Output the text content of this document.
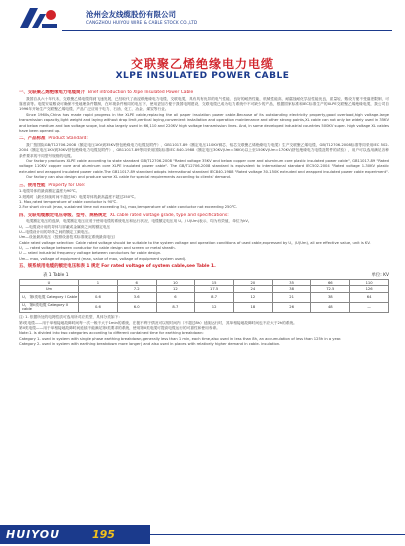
沧州会友线缆股份有限公司
CANGZHOU HUIYOU WIRE & CABLE STOCK CO.,LTD
交联聚乙烯绝缘电力电缆
XLPE INSULATED POWER CABLE
一、交联聚乙烯绝缘电力电缆简介 Brief introduction to Xlpe Insulated Power Cable

我国自从六十年代末，交联聚乙烯电缆得到飞速发展，已经取代了油浸纸绝缘电力电缆，交联电缆，具有具有优异的电气性能、良好的耐热性能，机械性能高、耐腐蚀耐化学品性能优良，质量轻，敷设方便不受落差限制，可靠度高等。电缆安装敷设可确保不受地理条件限制，在环境条件相同的电压下，使用更加方便于我国电网建设，交联电缆已成为电力系统中不可缺少的产品，根据国家标准和IEC标准生产的XLPE交联聚乙烯绝缘电缆，我公司自1996年开始生产交联聚乙烯电缆，产品广泛应用于电力、石油、化工、冶金、煤炭等行业。

Since 1960s,China has made rapid progress in the XLPE cable,replacing the oil paper insulation power cable.Because of its outstanding electricity property,good overload,high voltage-large transmission capacity,light weight and laying without drop limit,vertical laying,convenient installation and operation maintenance and other strong points,XL cable can not only be widely used in 35KV and below medium and low voltage scope, but also largely used in 66,110 and 220KV high voltage transmission lines. And, in some developed industrial countries 500KV super- high voltage XL cables have been opened up.

二、产品标准 Product Standard:

我厂按国际GB/T12706-2008《额定电压1KV到35KV挤包绝缘电力电缆及附件》、GB11017-89《额定电压110KV铜芯、铝芯交联聚乙烯绝缘电力电缆》生产交联聚乙烯电缆，GB/T12706-2008标准等同采用IEC 502-2004《额定电压1KV到30KV挤包绝缘电力电缆及附件》，GB11017-89等同采用国际标准IEC 840-1988《额定电压30KV(Um=36KV)以上至150KV(Um=170KV)挤包绝缘电力电缆及附件的试验》，用户可以选用满足各种条件要求的不同型号规格的电缆。

Our factory produces XLPE cable according to state standard GB/T12706-2008 "Rated voltage 35KV and below copper core and aluminum core plastic insulated power cable", GB11017-89 "Rated voltage 110KV copper core and aluminum core XLPE insulated power cable". The GB/T12706-2008 standard is equivalent to international standard IEC502-2004 "Rated voltage 1-30KV plastic extruded and wrapped insulated power cable.The GB11017-89 standard adopts international standard IEC840-1988 "Rated voltage 30-150K extruded and wrapped insulated power cable experiment".

Our factory can also design and produce some XL cable for special requirements according to clients' demand.

三、使用性能 Property for Use:

1.电缆导体的最高额定温度为90℃。

2.短路时（最长持续时间不超过5S）电缆导体的最高温度不超过250℃。

1. Max,rated temperature of cable conductor is 90℃.

2.For short circuit (max, sustained time not exceeding 5s), max,temperature of cable conductor not exceeding 250℃.

四、交联电缆额定电压等级、型号、规格规定 XL cable rated voltage grade, type and specifications:

电缆额定电压的选择，电缆额定电压应适于使用电缆的系统电压和运行状况，电缆额定电压用 U。/ U(Um)表示，均为有效值，单位为kV。

U。—电缆设计用的导体与屏蔽或金属套之间的额定电压

U—电缆设计用的导体之间的额定工频电压。

Um—设备最高电压（按照设备技术标准规定系统最高电压）

Cable rated voltage selection: Cable rated voltage should be suitable to the system voltage and operation conditions of used cable,expressed by U。/U(Um), all are effective value, unit is KV.

U。— rated voltage between conductor for cable design and screen or metal sheath.

U — rated industrial frequency voltage between conductors for cable design.

Um— max, voltage of equipment (max, value of max, voltage of equipment system used).

五、规系统用电缆的额定电压和表 1 规定 For rated voltage of system cable,see Table 1.
表 1 Table 1	单位: KV
U	1	6	10	15	20	35	66	110
Um		7.2	12	17.5	24	38	72.5	126
U。 第I类电缆 Category I Cable	0.6	3.6	6	8.7	12	21	38	64
U。 第II类电缆 Category II cable	0.6	6.0	8.7	12	18	26	48	—

注: 1. 依据所处的电网性质可选用所对应类型，具体分类如下：

第I类电缆——用于单相接地故障时间每一次一般不大于1min的系统，在极不利于情况可以短时间内（不超过8h）延续运行时，其单相接地故障时间也不应大于2h的系统。

第II类电缆——用于单相接地故障时间延续不能满足第I类要求的系统，使用第II类电缆可提高电缆运行的可靠性和使用寿命。

Note:1. Is divided into two categories according to different contained time for earthing breakdown:

Category 1- used in system with single phase earthing breakdown,generally less than 1 min, each time,also used in less than 8h, an accumulation of less than 125h in a year.

Category 2- used in system with earthing breakdown more longer( and also used in places with relatively higher demand in cable- insulation.

HUIYOU	195
